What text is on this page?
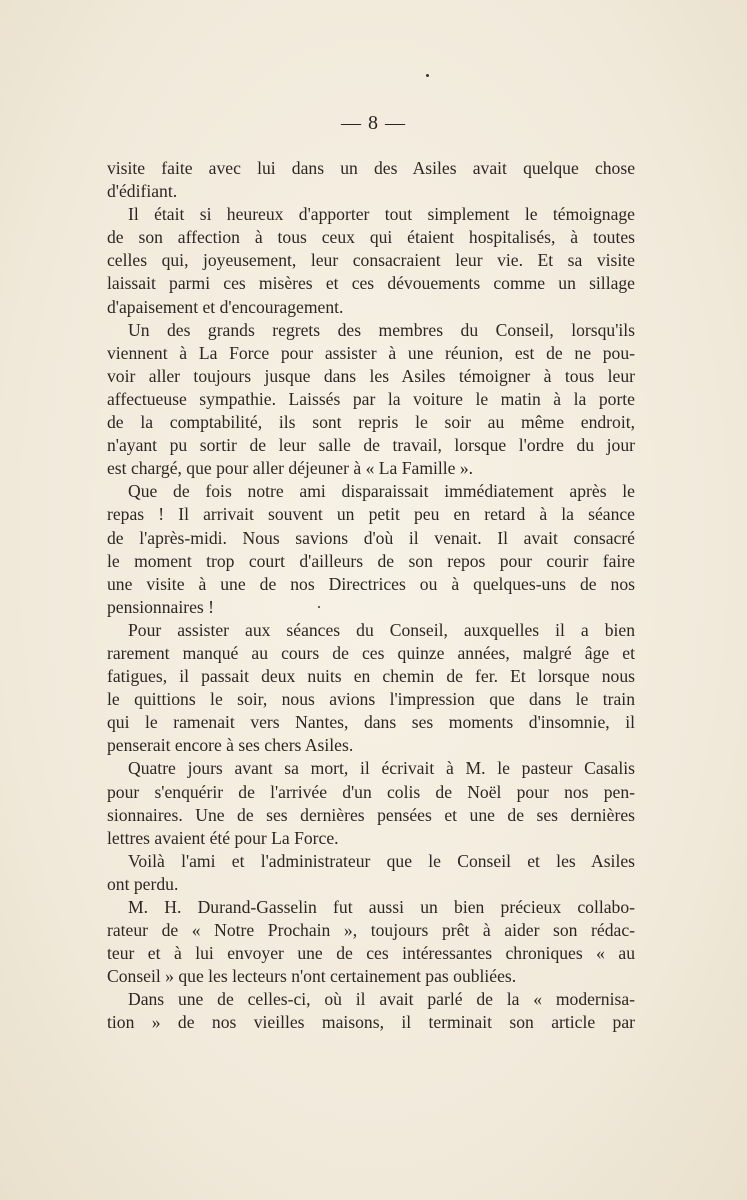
— 8 —
visite faite avec lui dans un des Asiles avait quelque chose
d'édifiant.
Il était si heureux d'apporter tout simplement le témoignage
de son affection à tous ceux qui étaient hospitalisés, à toutes
celles qui, joyeusement, leur consacraient leur vie. Et sa visite
laissait parmi ces misères et ces dévouements comme un sillage
d'apaisement et d'encouragement.
Un des grands regrets des membres du Conseil, lorsqu'ils
viennent à La Force pour assister à une réunion, est de ne pou-
voir aller toujours jusque dans les Asiles témoigner à tous leur
affectueuse sympathie. Laissés par la voiture le matin à la porte
de la comptabilité, ils sont repris le soir au même endroit,
n'ayant pu sortir de leur salle de travail, lorsque l'ordre du jour
est chargé, que pour aller déjeuner à « La Famille ».
Que de fois notre ami disparaissait immédiatement après le
repas ! Il arrivait souvent un petit peu en retard à la séance
de l'après-midi. Nous savions d'où il venait. Il avait consacré
le moment trop court d'ailleurs de son repos pour courir faire
une visite à une de nos Directrices ou à quelques-uns de nos
pensionnaires !
Pour assister aux séances du Conseil, auxquelles il a bien
rarement manqué au cours de ces quinze années, malgré âge et
fatigues, il passait deux nuits en chemin de fer. Et lorsque nous
le quittions le soir, nous avions l'impression que dans le train
qui le ramenait vers Nantes, dans ses moments d'insomnie, il
penserait encore à ses chers Asiles.
Quatre jours avant sa mort, il écrivait à M. le pasteur Casalis
pour s'enquérir de l'arrivée d'un colis de Noël pour nos pen-
sionnaires. Une de ses dernières pensées et une de ses dernières
lettres avaient été pour La Force.
Voilà l'ami et l'administrateur que le Conseil et les Asiles
ont perdu.
M. H. Durand-Gasselin fut aussi un bien précieux collabo-
rateur de « Notre Prochain », toujours prêt à aider son rédac-
teur et à lui envoyer une de ces intéressantes chroniques « au
Conseil » que les lecteurs n'ont certainement pas oubliées.
Dans une de celles-ci, où il avait parlé de la « modernisa-
tion » de nos vieilles maisons, il terminait son article par
